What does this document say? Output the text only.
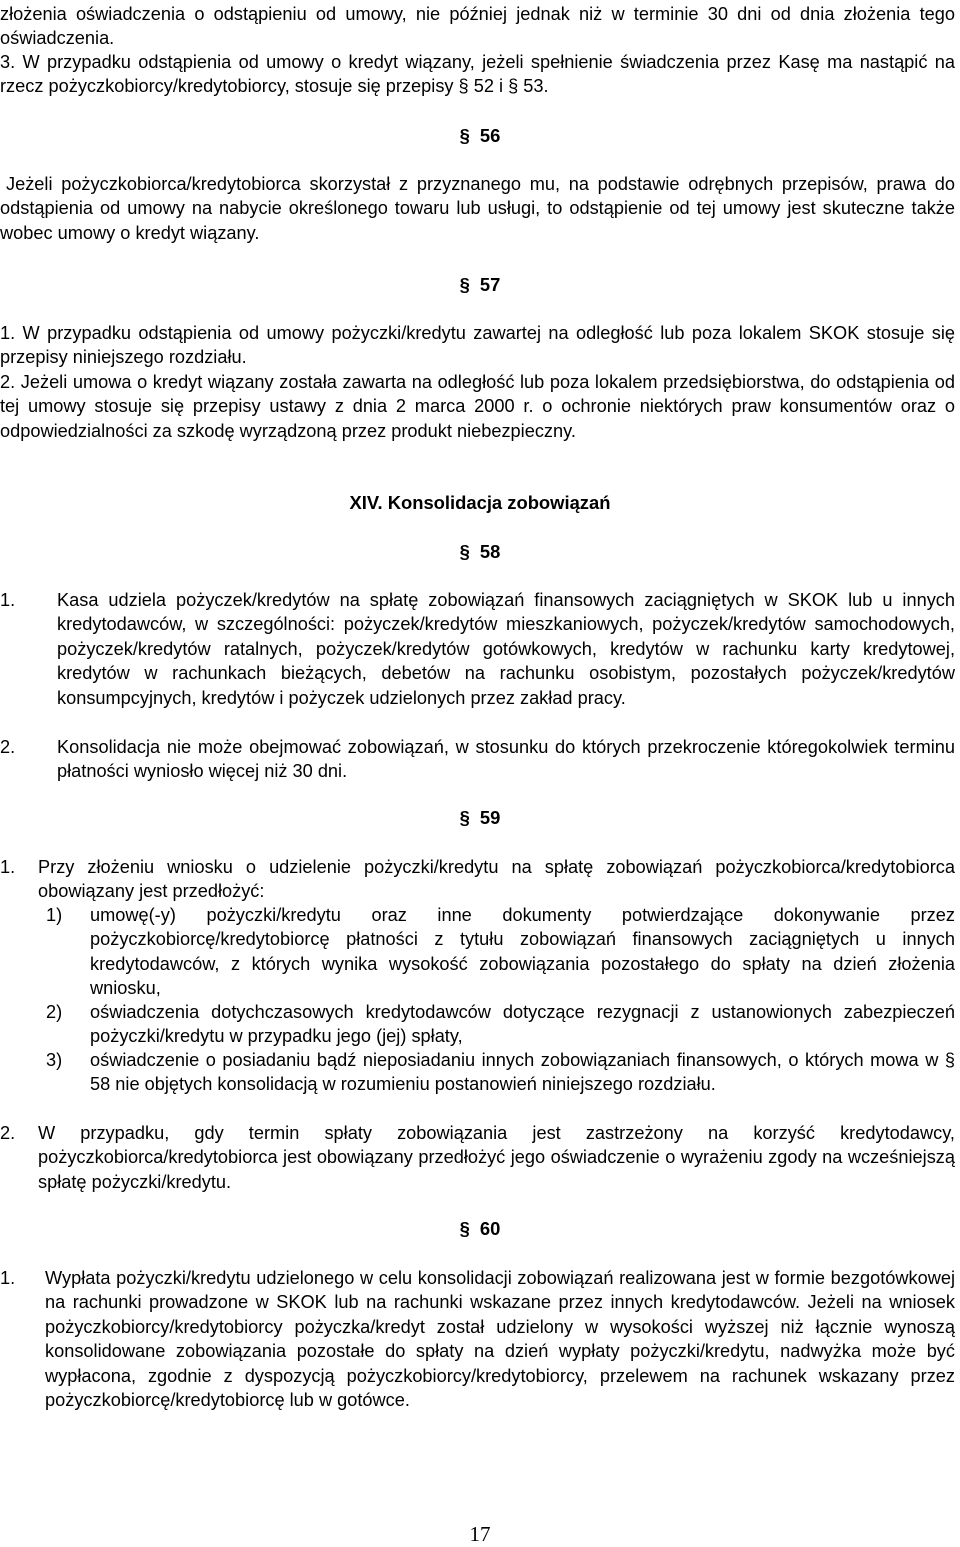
złożenia oświadczenia o odstąpieniu od umowy, nie później jednak niż w terminie 30 dni od dnia złożenia tego oświadczenia.

3. W przypadku odstąpienia od umowy o kredyt wiązany, jeżeli spełnienie świadczenia przez Kasę ma nastąpić na rzecz pożyczkobiorcy/kredytobiorcy, stosuje się przepisy § 52 i § 53.

§ 56

Jeżeli pożyczkobiorca/kredytobiorca skorzystał z przyznanego mu, na podstawie odrębnych przepisów, prawa do odstąpienia od umowy na nabycie określonego towaru lub usługi, to odstąpienie od tej umowy jest skuteczne także wobec umowy o kredyt wiązany.

§ 57

1. W przypadku odstąpienia od umowy pożyczki/kredytu zawartej na odległość lub poza lokalem SKOK stosuje się przepisy niniejszego rozdziału.

2. Jeżeli umowa o kredyt wiązany została zawarta na odległość lub poza lokalem przedsiębiorstwa, do odstąpienia od tej umowy stosuje się przepisy ustawy z dnia 2 marca 2000 r. o ochronie niektórych praw konsumentów oraz o odpowiedzialności za szkodę wyrządzoną przez produkt niebezpieczny.

XIV. Konsolidacja zobowiązań
§ 58
1. Kasa udziela pożyczek/kredytów na spłatę zobowiązań finansowych zaciągniętych w SKOK lub u innych kredytodawców, w szczególności: pożyczek/kredytów mieszkaniowych, pożyczek/kredytów samochodowych, pożyczek/kredytów ratalnych, pożyczek/kredytów gotówkowych, kredytów w rachunku karty kredytowej, kredytów w rachunkach bieżących, debetów na rachunku osobistym, pozostałych pożyczek/kredytów konsumpcyjnych, kredytów i pożyczek udzielonych przez zakład pracy.

2. Konsolidacja nie może obejmować zobowiązań, w stosunku do których przekroczenie któregokolwiek terminu płatności wyniosło więcej niż 30 dni.

§ 59
1. Przy złożeniu wniosku o udzielenie pożyczki/kredytu na spłatę zobowiązań pożyczkobiorca/kredytobiorca obowiązany jest przedłożyć:

1) umowę(-y) pożyczki/kredytu oraz inne dokumenty potwierdzające dokonywanie przez pożyczkobiorcę/kredytobiorcę płatności z tytułu zobowiązań finansowych zaciągniętych u innych kredytodawców, z których wynika wysokość zobowiązania pozostałego do spłaty na dzień złożenia wniosku,

2) oświadczenia dotychczasowych kredytodawców dotyczące rezygnacji z ustanowionych zabezpieczeń pożyczki/kredytu w przypadku jego (jej) spłaty,

3) oświadczenie o posiadaniu bądź nieposiadaniu innych zobowiązaniach finansowych, o których mowa w § 58 nie objętych konsolidacją w rozumieniu postanowień niniejszego rozdziału.

2. W przypadku, gdy termin spłaty zobowiązania jest zastrzeżony na korzyść kredytodawcy, pożyczkobiorca/kredytobiorca jest obowiązany przedłożyć jego oświadczenie o wyrażeniu zgody na wcześniejszą spłatę pożyczki/kredytu.

§ 60
1. Wypłata pożyczki/kredytu udzielonego w celu konsolidacji zobowiązań realizowana jest w formie bezgotówkowej na rachunki prowadzone w SKOK lub na rachunki wskazane przez innych kredytodawców. Jeżeli na wniosek pożyczkobiorcy/kredytobiorcy pożyczka/kredyt został udzielony w wysokości wyższej niż łącznie wynoszą konsolidowane zobowiązania pozostałe do spłaty na dzień wypłaty pożyczki/kredytu, nadwyżka może być wypłacona, zgodnie z dyspozycją pożyczkobiorcy/kredytobiorcy, przelewem na rachunek wskazany przez pożyczkobiorcę/kredytobiorcę lub w gotówce.

17
